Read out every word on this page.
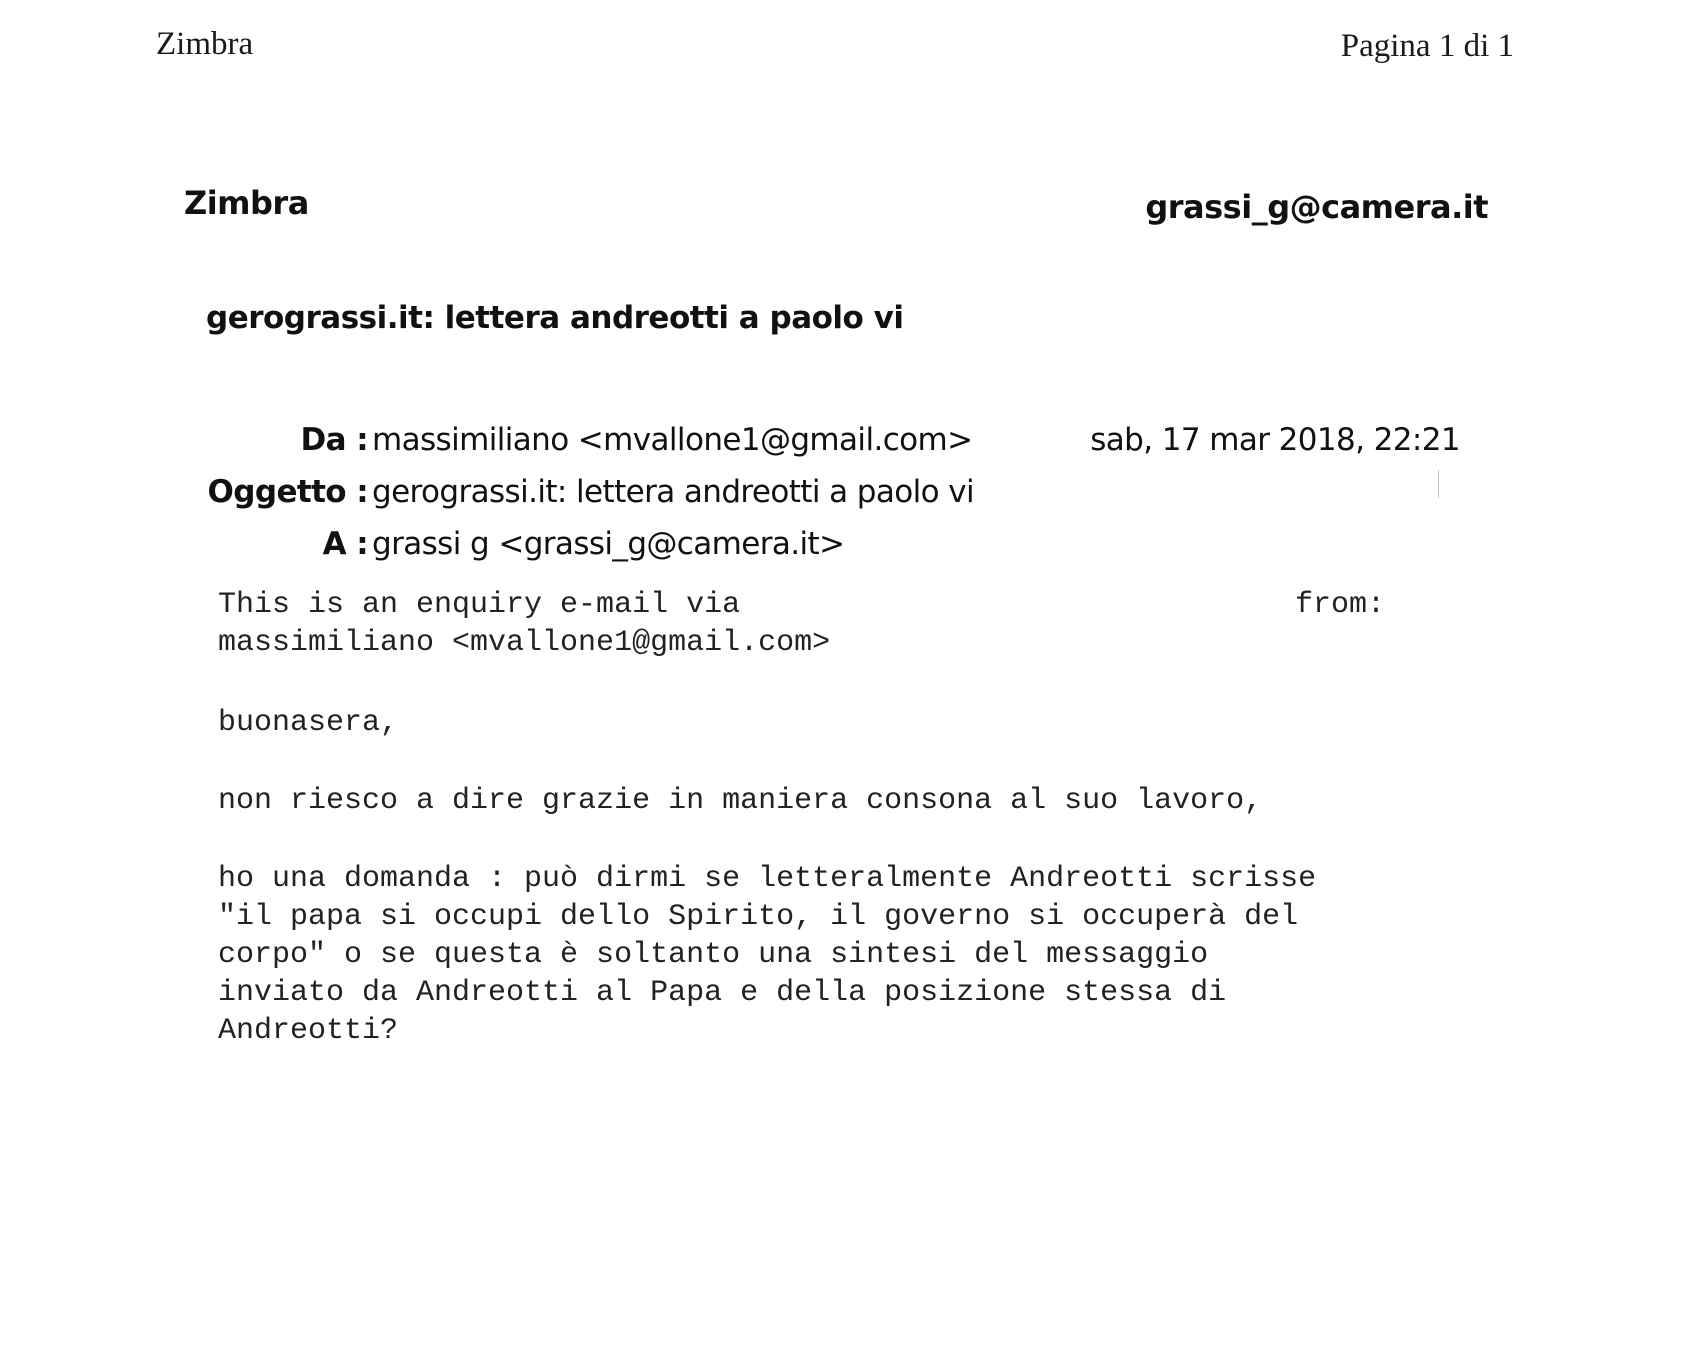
Zimbra	Pagina 1 di 1
Zimbra	grassi_g@camera.it
gerograssi.it: lettera andreotti a paolo vi
Da : massimiliano <mvallone1@gmail.com>	sab, 17 mar 2018, 22:21
Oggetto : gerograssi.it: lettera andreotti a paolo vi
A : grassi g <grassi_g@camera.it>
This is an enquiry e-mail via	from:
massimiliano <mvallone1@gmail.com>
buonasera,
non riesco a dire grazie in maniera consona al suo lavoro,
ho una domanda : può dirmi se letteralmente Andreotti scrisse
"il papa si occupi dello Spirito, il governo si occuperà del
corpo" o se questa è soltanto una sintesi del messaggio
inviato da Andreotti al Papa e della posizione stessa di
Andreotti?
